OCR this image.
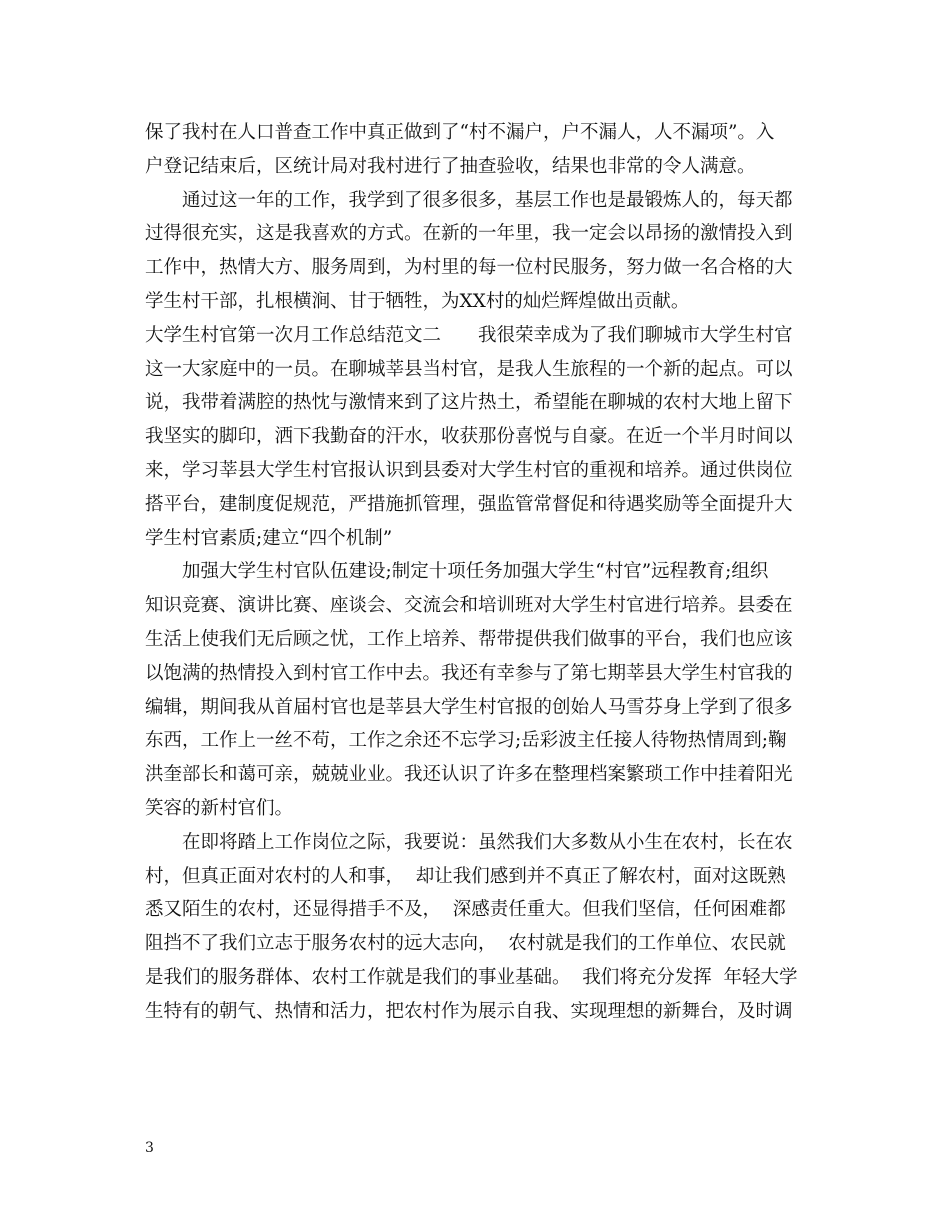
保了我村在人口普查工作中真正做到了“村不漏户，户不漏人，人不漏项”。入
户登记结束后，区统计局对我村进行了抽查验收，结果也非常的令人满意。
通过这一年的工作，我学到了很多很多，基层工作也是最锻炼人的，每天都
过得很充实，这是我喜欢的方式。在新的一年里，我一定会以昂扬的激情投入到
工作中，热情大方、服务周到，为村里的每一位村民服务，努力做一名合格的大
学生村干部，扎根横涧、甘于牺牲，为XX村的灿烂辉煌做出贡献。
大学生村官第一次月工作总结范文二　　我很荣幸成为了我们聊城市大学生村官
这一大家庭中的一员。在聊城莘县当村官，是我人生旅程的一个新的起点。可以
说，我带着满腔的热忱与激情来到了这片热土，希望能在聊城的农村大地上留下
我坚实的脚印，洒下我勤奋的汗水，收获那份喜悦与自豪。在近一个半月时间以
来，学习莘县大学生村官报认识到县委对大学生村官的重视和培养。通过供岗位
搭平台，建制度促规范，严措施抓管理，强监管常督促和待遇奖励等全面提升大
学生村官素质;建立“四个机制”
加强大学生村官队伍建设;制定十项任务加强大学生“村官”远程教育;组织
知识竞赛、演讲比赛、座谈会、交流会和培训班对大学生村官进行培养。县委在
生活上使我们无后顾之忧，工作上培养、帮带提供我们做事的平台，我们也应该
以饱满的热情投入到村官工作中去。我还有幸参与了第七期莘县大学生村官我的
编辑，期间我从首届村官也是莘县大学生村官报的创始人马雪芬身上学到了很多
东西，工作上一丝不苟，工作之余还不忘学习;岳彩波主任接人待物热情周到;鞠
洪奎部长和蔼可亲，兢兢业业。我还认识了许多在整理档案繁琐工作中挂着阳光
笑容的新村官们。
在即将踏上工作岗位之际，我要说：虽然我们大多数从小生在农村，长在农
村，但真正面对农村的人和事，  却让我们感到并不真正了解农村，面对这既熟
悉又陌生的农村，还显得措手不及，  深感责任重大。但我们坚信，任何困难都
阻挡不了我们立志于服务农村的远大志向，  农村就是我们的工作单位、农民就
是我们的服务群体、农村工作就是我们的事业基础。  我们将充分发挥  年轻大学
生特有的朝气、热情和活力，把农村作为展示自我、实现理想的新舞台，及时调
3
